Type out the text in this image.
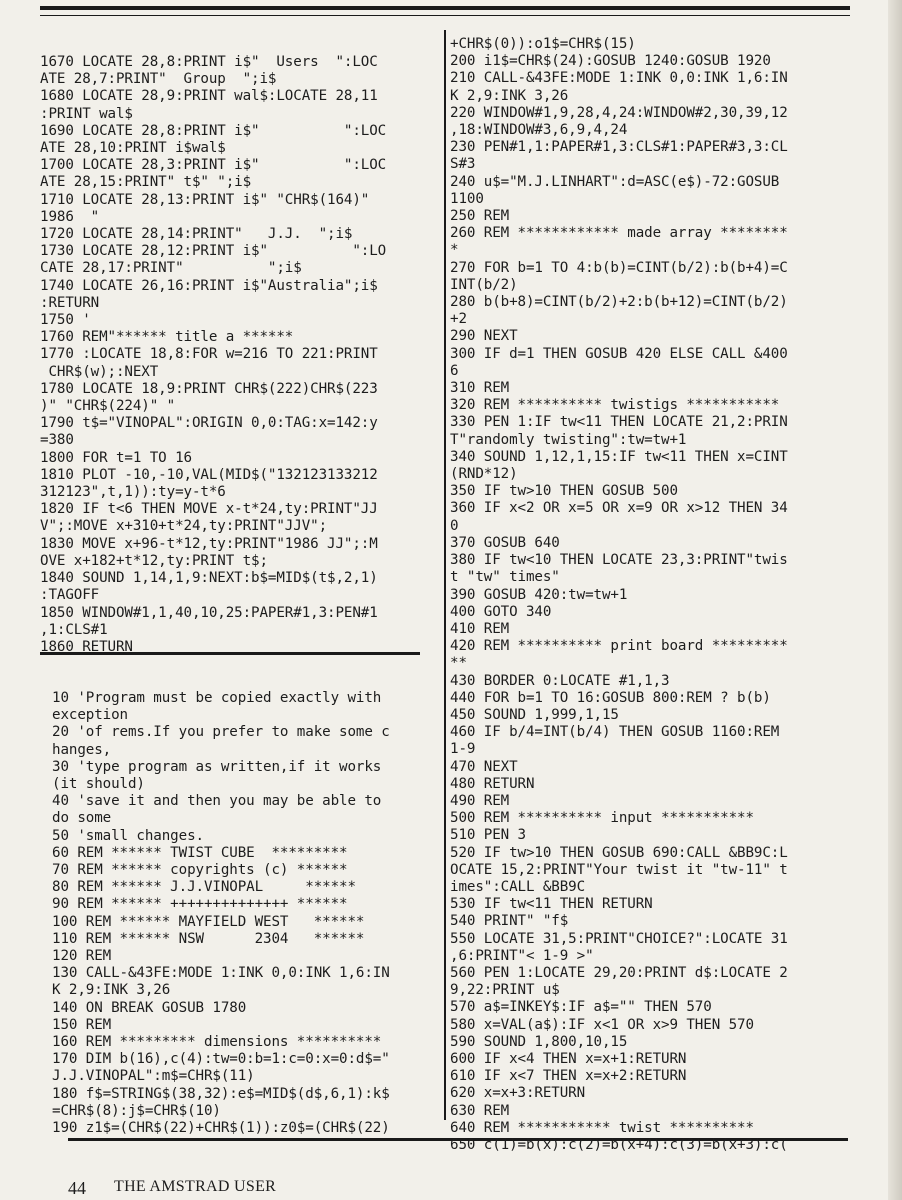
1670 LOCATE 28,8:PRINT i$"  Users  ":LOC
ATE 28,7:PRINT"  Group  ";i$
1680 LOCATE 28,9:PRINT wal$:LOCATE 28,11
:PRINT wal$
1690 LOCATE 28,8:PRINT i$"          ":LOC
ATE 28,10:PRINT i$wal$
1700 LOCATE 28,3:PRINT i$"          ":LOC
ATE 28,15:PRINT" t$" ";i$
1710 LOCATE 28,13:PRINT i$" "CHR$(164)"
1986  "
1720 LOCATE 28,14:PRINT"   J.J.  ";i$
1730 LOCATE 28,12:PRINT i$"          ":LO
CATE 28,17:PRINT"          ";i$
1740 LOCATE 26,16:PRINT i$"Australia";i$
:RETURN
1750 '
1760 REM"****** title a ******
1770 :LOCATE 18,8:FOR w=216 TO 221:PRINT
CHR$(w);:NEXT
1780 LOCATE 18,9:PRINT CHR$(222)CHR$(223
)" "CHR$(224)" "
1790 t$="VINOPAL":ORIGIN 0,0:TAG:x=142:y
=380
1800 FOR t=1 TO 16
1810 PLOT -10,-10,VAL(MID$("132123133212
312123",t,1)):ty=y-t*6
1820 IF t<6 THEN MOVE x-t*24,ty:PRINT"JJ
V";:MOVE x+310+t*24,ty:PRINT"JJV";
1830 MOVE x+96-t*12,ty:PRINT"1986 JJ";:M
OVE x+182+t*12,ty:PRINT t$;
1840 SOUND 1,14,1,9:NEXT:b$=MID$(t$,2,1)
:TAGOFF
1850 WINDOW#1,1,40,10,25:PAPER#1,3:PEN#1
,1:CLS#1
1860 RETURN
10 'Program must be copied exactly with
exception
20 'of rems.If you prefer to make some c
hanges,
30 'type program as written,if it works
(it should)
40 'save it and then you may be able to
do some
50 'small changes.
60 REM ****** TWIST CUBE  *********
70 REM ****** copyrights (c) ******
80 REM ****** J.J.VINOPAL     ******
90 REM ****** ++++++++++++++ ******
100 REM ****** MAYFIELD WEST   ******
110 REM ****** NSW      2304   ******
120 REM
130 CALL-&43FE:MODE 1:INK 0,0:INK 1,6:IN
K 2,9:INK 3,26
140 ON BREAK GOSUB 1780
150 REM
160 REM ********* dimensions **********
170 DIM b(16),c(4):tw=0:b=1:c=0:x=0:d$="
J.J.VINOPAL":m$=CHR$(11)
180 f$=STRING$(38,32):e$=MID$(d$,6,1):k$
=CHR$(8):j$=CHR$(10)
190 z1$=(CHR$(22)+CHR$(1)):z0$=(CHR$(22)
+CHR$(0)):o1$=CHR$(15)
200 i1$=CHR$(24):GOSUB 1240:GOSUB 1920
210 CALL-&43FE:MODE 1:INK 0,0:INK 1,6:IN
K 2,9:INK 3,26
220 WINDOW#1,9,28,4,24:WINDOW#2,30,39,12
,18:WINDOW#3,6,9,4,24
230 PEN#1,1:PAPER#1,3:CLS#1:PAPER#3,3:CL
S#3
240 u$="M.J.LINHART":d=ASC(e$)-72:GOSUB
1100
250 REM
260 REM ************ made array ********
*
270 FOR b=1 TO 4:b(b)=CINT(b/2):b(b+4)=C
INT(b/2)
280 b(b+8)=CINT(b/2)+2:b(b+12)=CINT(b/2)
+2
290 NEXT
300 IF d=1 THEN GOSUB 420 ELSE CALL &400
6
310 REM
320 REM ********** twistigs ***********
330 PEN 1:IF tw<11 THEN LOCATE 21,2:PRIN
T"randomly twisting":tw=tw+1
340 SOUND 1,12,1,15:IF tw<11 THEN x=CINT
(RND*12)
350 IF tw>10 THEN GOSUB 500
360 IF x<2 OR x=5 OR x=9 OR x>12 THEN 34
0
370 GOSUB 640
380 IF tw<10 THEN LOCATE 23,3:PRINT"twis
t "tw" times"
390 GOSUB 420:tw=tw+1
400 GOTO 340
410 REM
420 REM ********** print board *********
**
430 BORDER 0:LOCATE #1,1,3
440 FOR b=1 TO 16:GOSUB 800:REM ? b(b)
450 SOUND 1,999,1,15
460 IF b/4=INT(b/4) THEN GOSUB 1160:REM
1-9
470 NEXT
480 RETURN
490 REM
500 REM ********** input ***********
510 PEN 3
520 IF tw>10 THEN GOSUB 690:CALL &BB9C:L
OCATE 15,2:PRINT"Your twist it "tw-11" t
imes":CALL &BB9C
530 IF tw<11 THEN RETURN
540 PRINT" "f$
550 LOCATE 31,5:PRINT"CHOICE?":LOCATE 31
,6:PRINT"< 1-9 >"
560 PEN 1:LOCATE 29,20:PRINT d$:LOCATE 2
9,22:PRINT u$
570 a$=INKEY$:IF a$="" THEN 570
580 x=VAL(a$):IF x<1 OR x>9 THEN 570
590 SOUND 1,800,10,15
600 IF x<4 THEN x=x+1:RETURN
610 IF x<7 THEN x=x+2:RETURN
620 x=x+3:RETURN
630 REM
640 REM *********** twist **********
650 c(1)=b(x):c(2)=b(x+4):c(3)=b(x+3):c(
44 THE AMSTRAD USER
